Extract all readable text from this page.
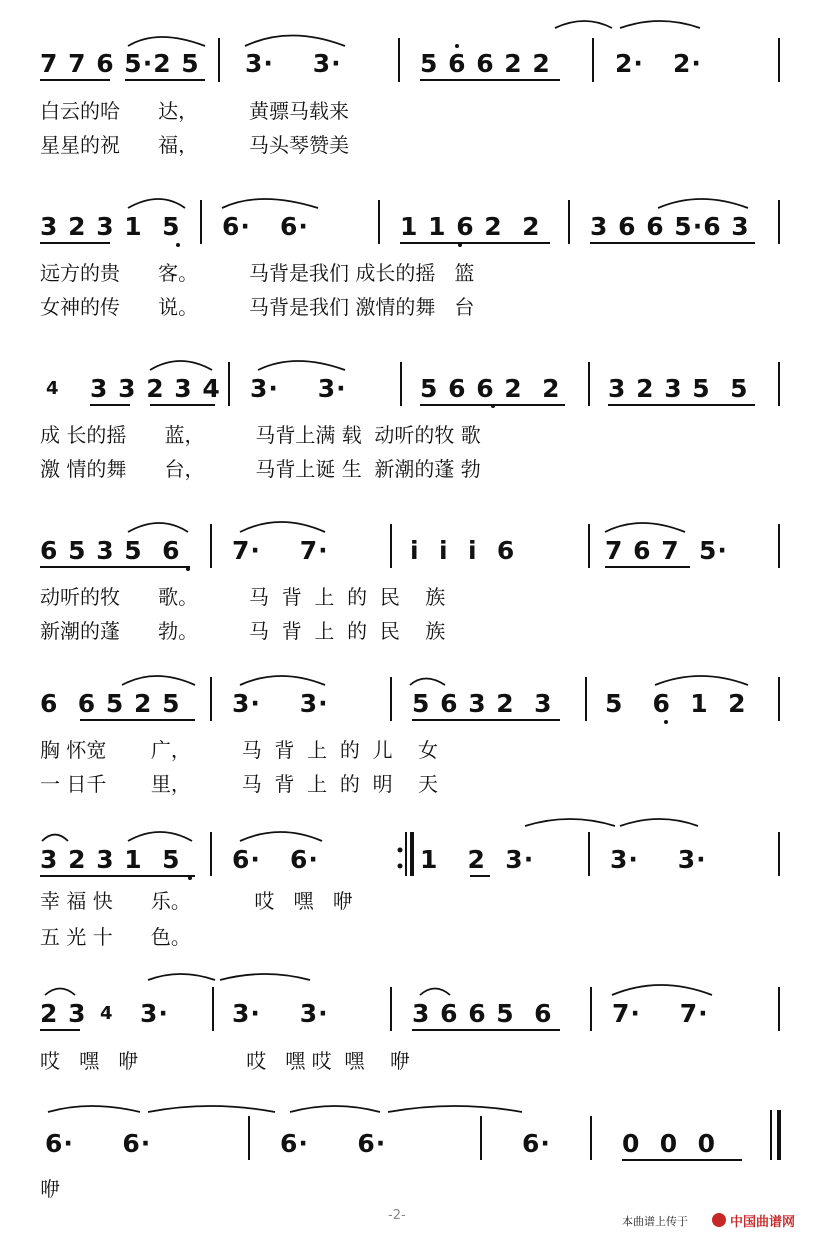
7 7 6 5·2 5 3·    3·	5 6 6 2 2	2·   2·
白云的哈      达，        黄骠马载来
星星的祝      福，        马头琴赞美
3 2 3 1  5 6·   6·	1 1 6 2  2 3 6 6 5·6 3
远方的贵      客。        马背是我们 成长的摇   篮
女神的传      说。        马背是我们 激情的舞   台
4 3 3 2 3 4 3·    3·	5 6 6 2  2 3 2 3 5  5
成 长的摇      蓝，        马背上满 载  动听的牧 歌
激 情的舞      台，        马背上诞 生  新潮的蓬 勃
6 5 3 5  6 7·    7·	i  i  i  6	7 6 7  5·
动听的牧      歌。        马  背  上  的  民    族
新潮的蓬      勃。        马  背  上  的  民    族
6  6 5 2 5 3·    3·	5 6 3 2  3 5   6  1  2
胸 怀宽       广，        马  背  上  的  儿    女
一 日千       里，        马  背  上  的  明    天
3 2 3 1  5 6·   6·	1   2  3·	3·    3·
幸 福 快      乐。          哎   嘿   咿
五 光 十      色。
2 3 4 3·	3·    3·	3 6 6 5  6 7·    7·
哎   嘿   咿                 哎   嘿 哎  嘿    咿
6·     6·	6·     6·	6·	0  0  0
咿
-2-	本曲谱上传于	中国曲谱网
